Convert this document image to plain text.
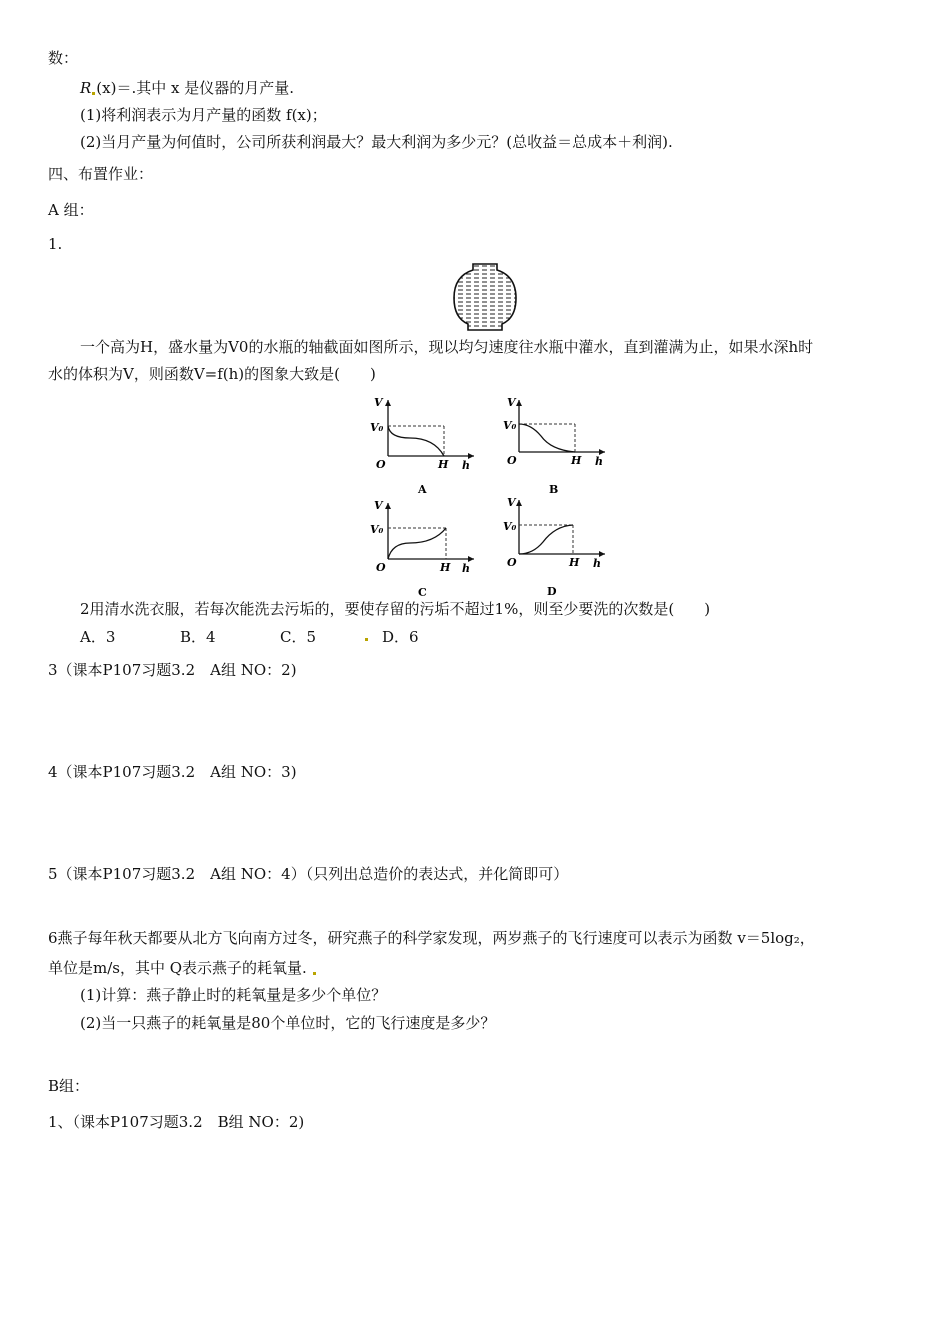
数：
R (x)＝.其中 x 是仪器的月产量.
(1)将利润表示为月产量的函数 f(x)；
(2)当月产量为何值时，公司所获利润最大？最大利润为多少元？(总收益＝总成本＋利润).
四、布置作业：
A 组：
1.
一个高为H，盛水量为V0的水瓶的轴截面如图所示，现以均匀速度往水瓶中灌水，直到灌满为止，如果水深h时
水的体积为V，则函数V=f(h)的图象大致是(　　)
V
V₀
O	H h
A
V
V₀
O	H h
B
V
V₀
O	H h
C
V
V₀
O	H h
D
2用清水洗衣服，若每次能洗去污垢的，要使存留的污垢不超过1%，则至少要洗的次数是(　　)
A．3	B．4	C．5	D．6
3（课本P107习题3.2　A组 NO：2)
4（课本P107习题3.2　A组 NO：3)
5（课本P107习题3.2　A组 NO：4）（只列出总造价的表达式，并化简即可）
6燕子每年秋天都要从北方飞向南方过冬，研究燕子的科学家发现，两岁燕子的飞行速度可以表示为函数 v＝5log₂，
单位是m/s，其中 Q表示燕子的耗氧量.
(1)计算：燕子静止时的耗氧量是多少个单位？
(2)当一只燕子的耗氧量是80个单位时，它的飞行速度是多少？
B组：
1、（课本P107习题3.2　B组 NO：2)
